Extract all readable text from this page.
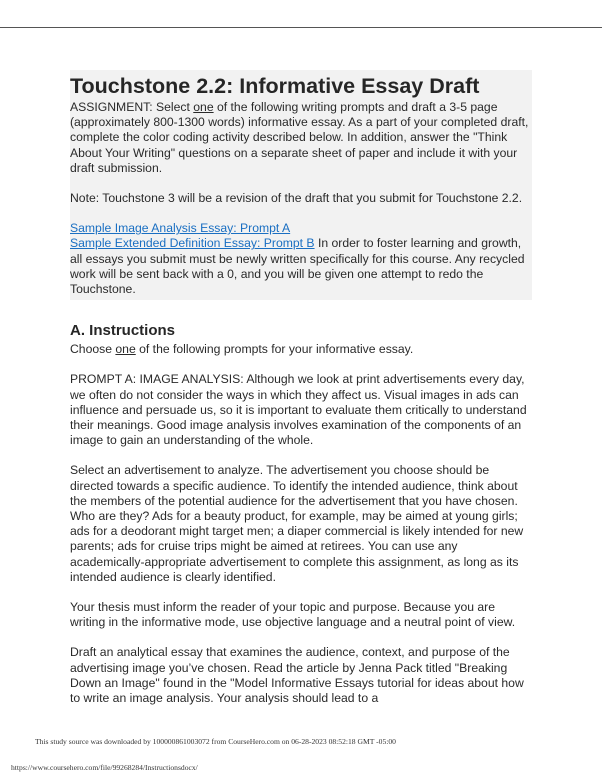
Touchstone 2.2: Informative Essay Draft

ASSIGNMENT: Select one of the following writing prompts and draft a 3-5 page (approximately 800-1300 words) informative essay. As a part of your completed draft, complete the color coding activity described below. In addition, answer the "Think About Your Writing" questions on a separate sheet of paper and include it with your draft submission.

Note: Touchstone 3 will be a revision of the draft that you submit for Touchstone 2.2.

Sample Image Analysis Essay: Prompt A
Sample Extended Definition Essay: Prompt B In order to foster learning and growth, all essays you submit must be newly written specifically for this course. Any recycled work will be sent back with a 0, and you will be given one attempt to redo the Touchstone.

A. Instructions

Choose one of the following prompts for your informative essay.

PROMPT A: IMAGE ANALYSIS: Although we look at print advertisements every day, we often do not consider the ways in which they affect us. Visual images in ads can influence and persuade us, so it is important to evaluate them critically to understand their meanings. Good image analysis involves examination of the components of an image to gain an understanding of the whole.

Select an advertisement to analyze. The advertisement you choose should be directed towards a specific audience. To identify the intended audience, think about the members of the potential audience for the advertisement that you have chosen. Who are they? Ads for a beauty product, for example, may be aimed at young girls; ads for a deodorant might target men; a diaper commercial is likely intended for new parents; ads for cruise trips might be aimed at retirees. You can use any academically-appropriate advertisement to complete this assignment, as long as its intended audience is clearly identified.

Your thesis must inform the reader of your topic and purpose. Because you are writing in the informative mode, use objective language and a neutral point of view.

Draft an analytical essay that examines the audience, context, and purpose of the advertising image you’ve chosen. Read the article by Jenna Pack titled "Breaking Down an Image" found in the "Model Informative Essays tutorial for ideas about how to write an image analysis. Your analysis should lead to a

This study source was downloaded by 100000861003072 from CourseHero.com on 06-28-2023 08:52:18 GMT -05:00
https://www.coursehero.com/file/99268284/Instructionsdocx/
